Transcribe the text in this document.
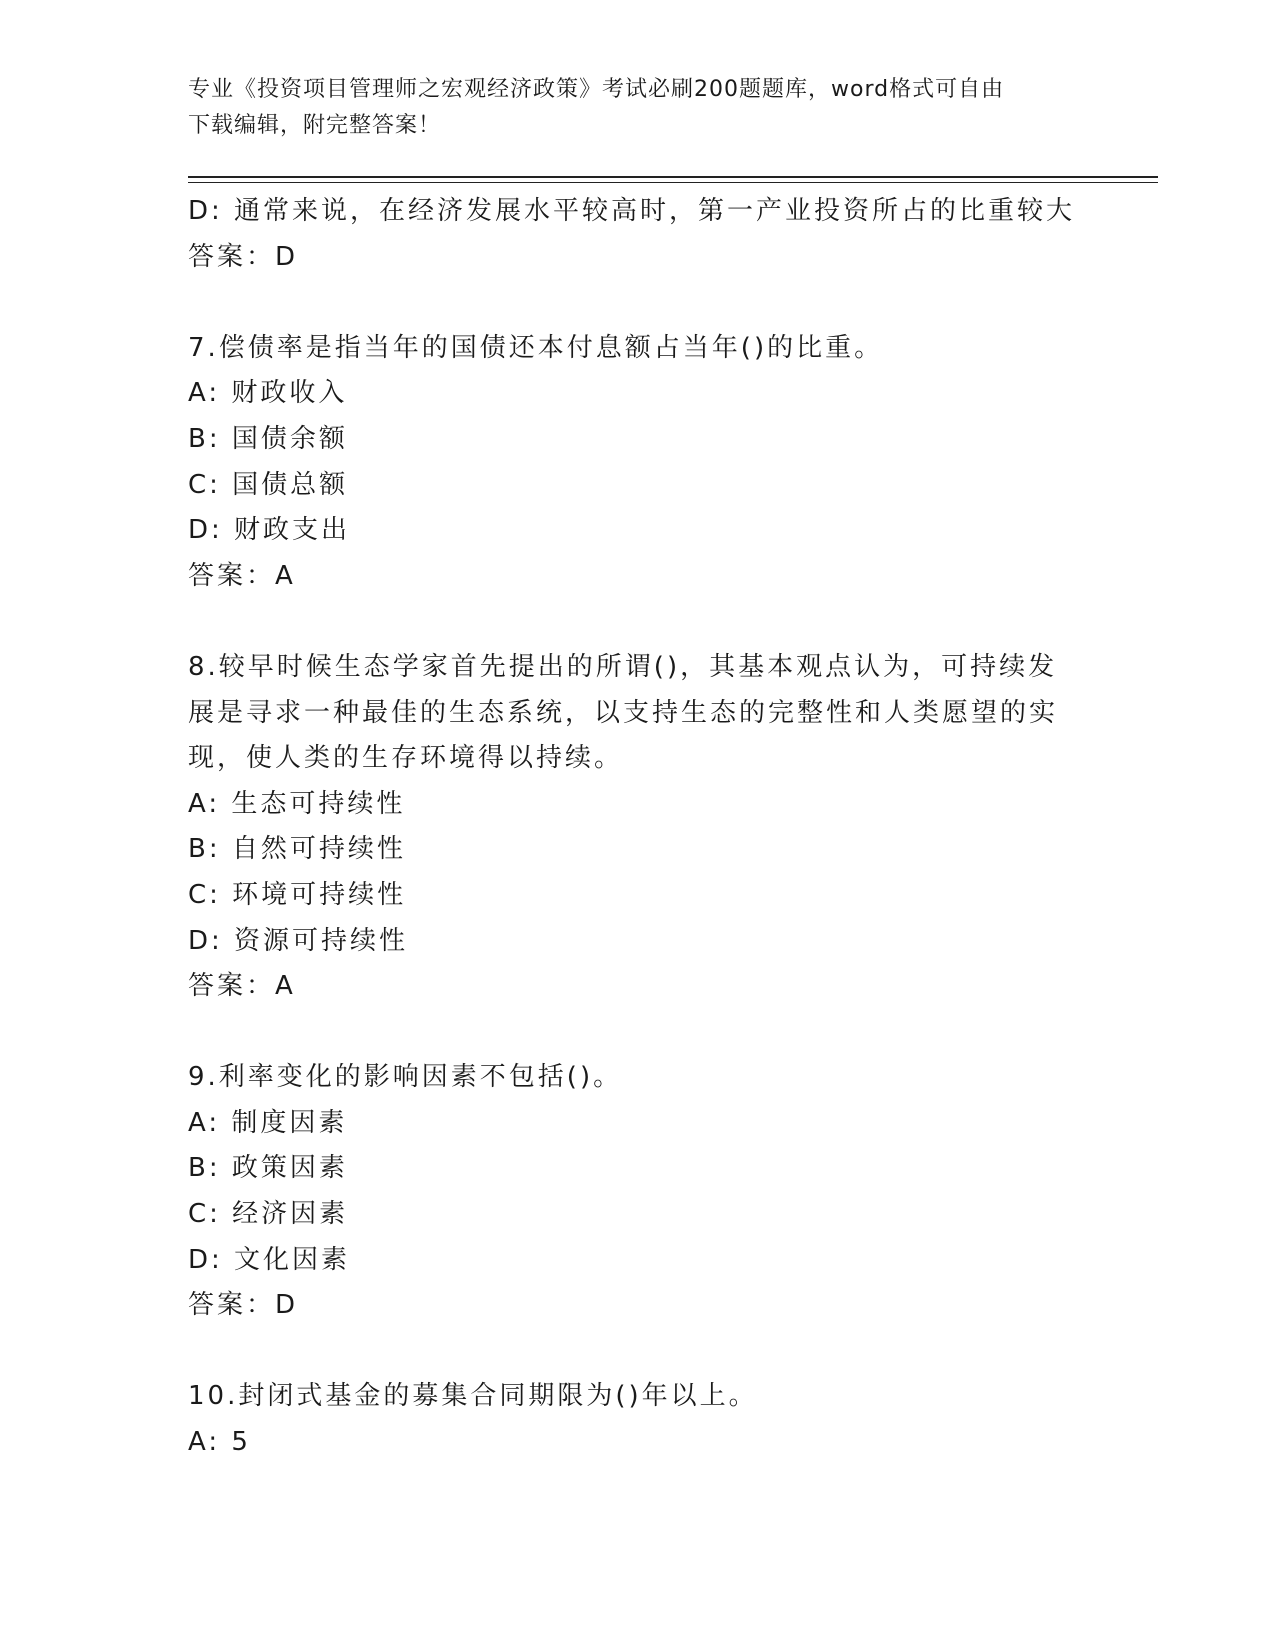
专业《投资项目管理师之宏观经济政策》考试必刷200题题库，word格式可自由
下载编辑，附完整答案！
D: 通常来说，在经济发展水平较高时，第一产业投资所占的比重较大
答案：D
7.偿债率是指当年的国债还本付息额占当年()的比重。
A: 财政收入
B: 国债余额
C: 国债总额
D: 财政支出
答案：A
8.较早时候生态学家首先提出的所谓()，其基本观点认为，可持续发
展是寻求一种最佳的生态系统，以支持生态的完整性和人类愿望的实
现，使人类的生存环境得以持续。
A: 生态可持续性
B: 自然可持续性
C: 环境可持续性
D: 资源可持续性
答案：A
9.利率变化的影响因素不包括()。
A: 制度因素
B: 政策因素
C: 经济因素
D: 文化因素
答案：D
10.封闭式基金的募集合同期限为()年以上。
A: 5
